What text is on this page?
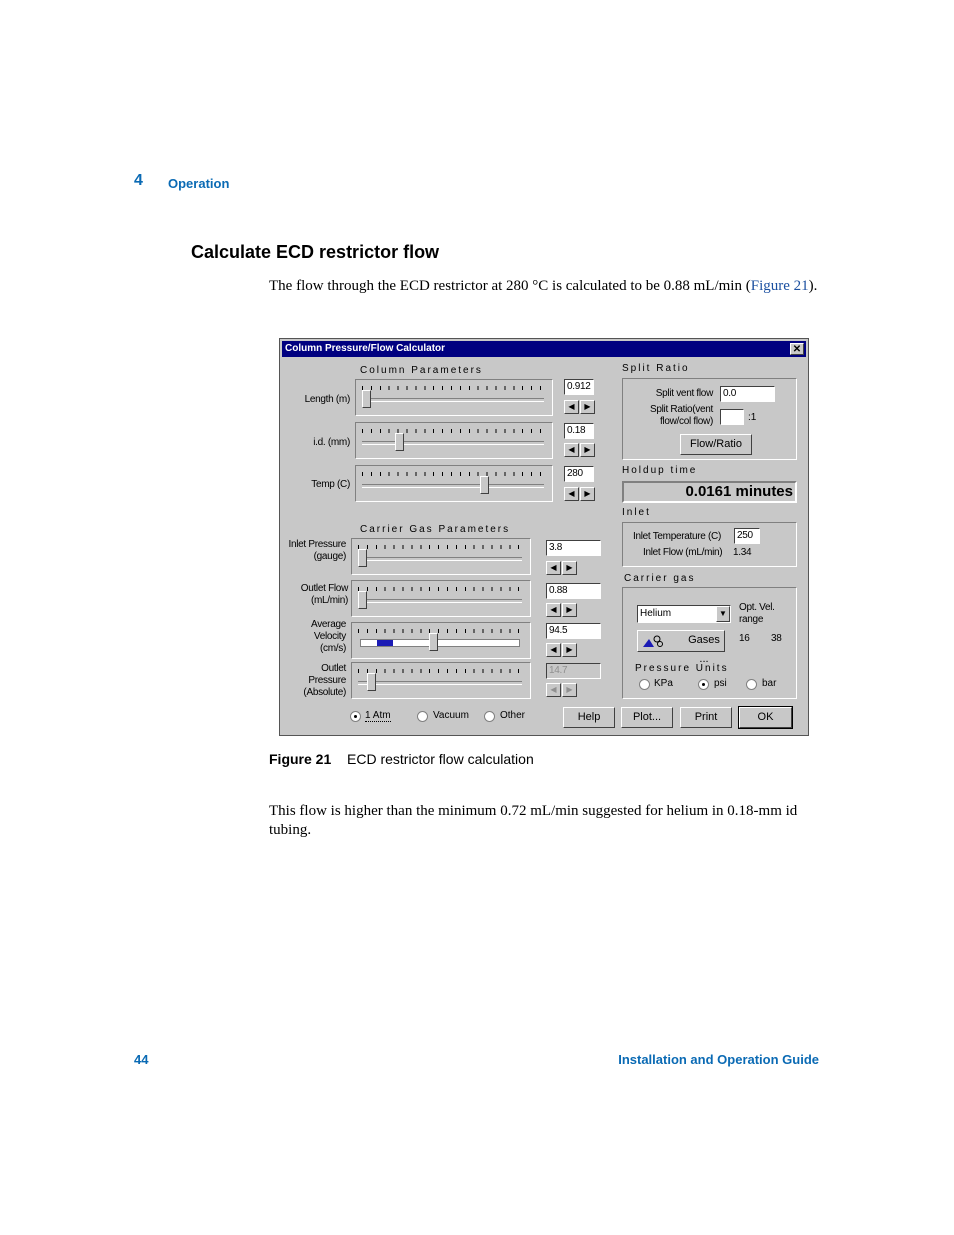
4 Operation
Calculate ECD restrictor flow
The flow through the ECD restrictor at 280 °C is calculated to be 0.88 mL/min (Figure 21).
Column Pressure/Flow Calculator	✕
Column Parameters
Length (m)
0.912
◀	▶
i.d. (mm)
0.18
◀	▶
Temp (C)
280
◀	▶
Carrier Gas Parameters
Inlet Pressure (gauge)
3.8
◀	▶
Outlet Flow (mL/min)
0.88
◀	▶
Average Velocity (cm/s)
94.5
◀	▶
Outlet Pressure (Absolute)
14.7
◀	▶
1 Atm	Vacuum	Other
Split Ratio
Split vent flow	0.0
Split Ratio(vent flow/col flow)	:1
Flow/Ratio
Holdup time
0.0161 minutes
Inlet
Inlet Temperature (C)	250
Inlet Flow (mL/min) 1.34
Carrier gas
Helium	▼
Opt. Vel. range
Gases ...
16 38
Pressure Units
KPa	psi	bar
Help	Plot...	Print	OK
Figure 21 ECD restrictor flow calculation
This flow is higher than the minimum 0.72 mL/min suggested for helium in 0.18-mm id tubing.
44	Installation and Operation Guide
